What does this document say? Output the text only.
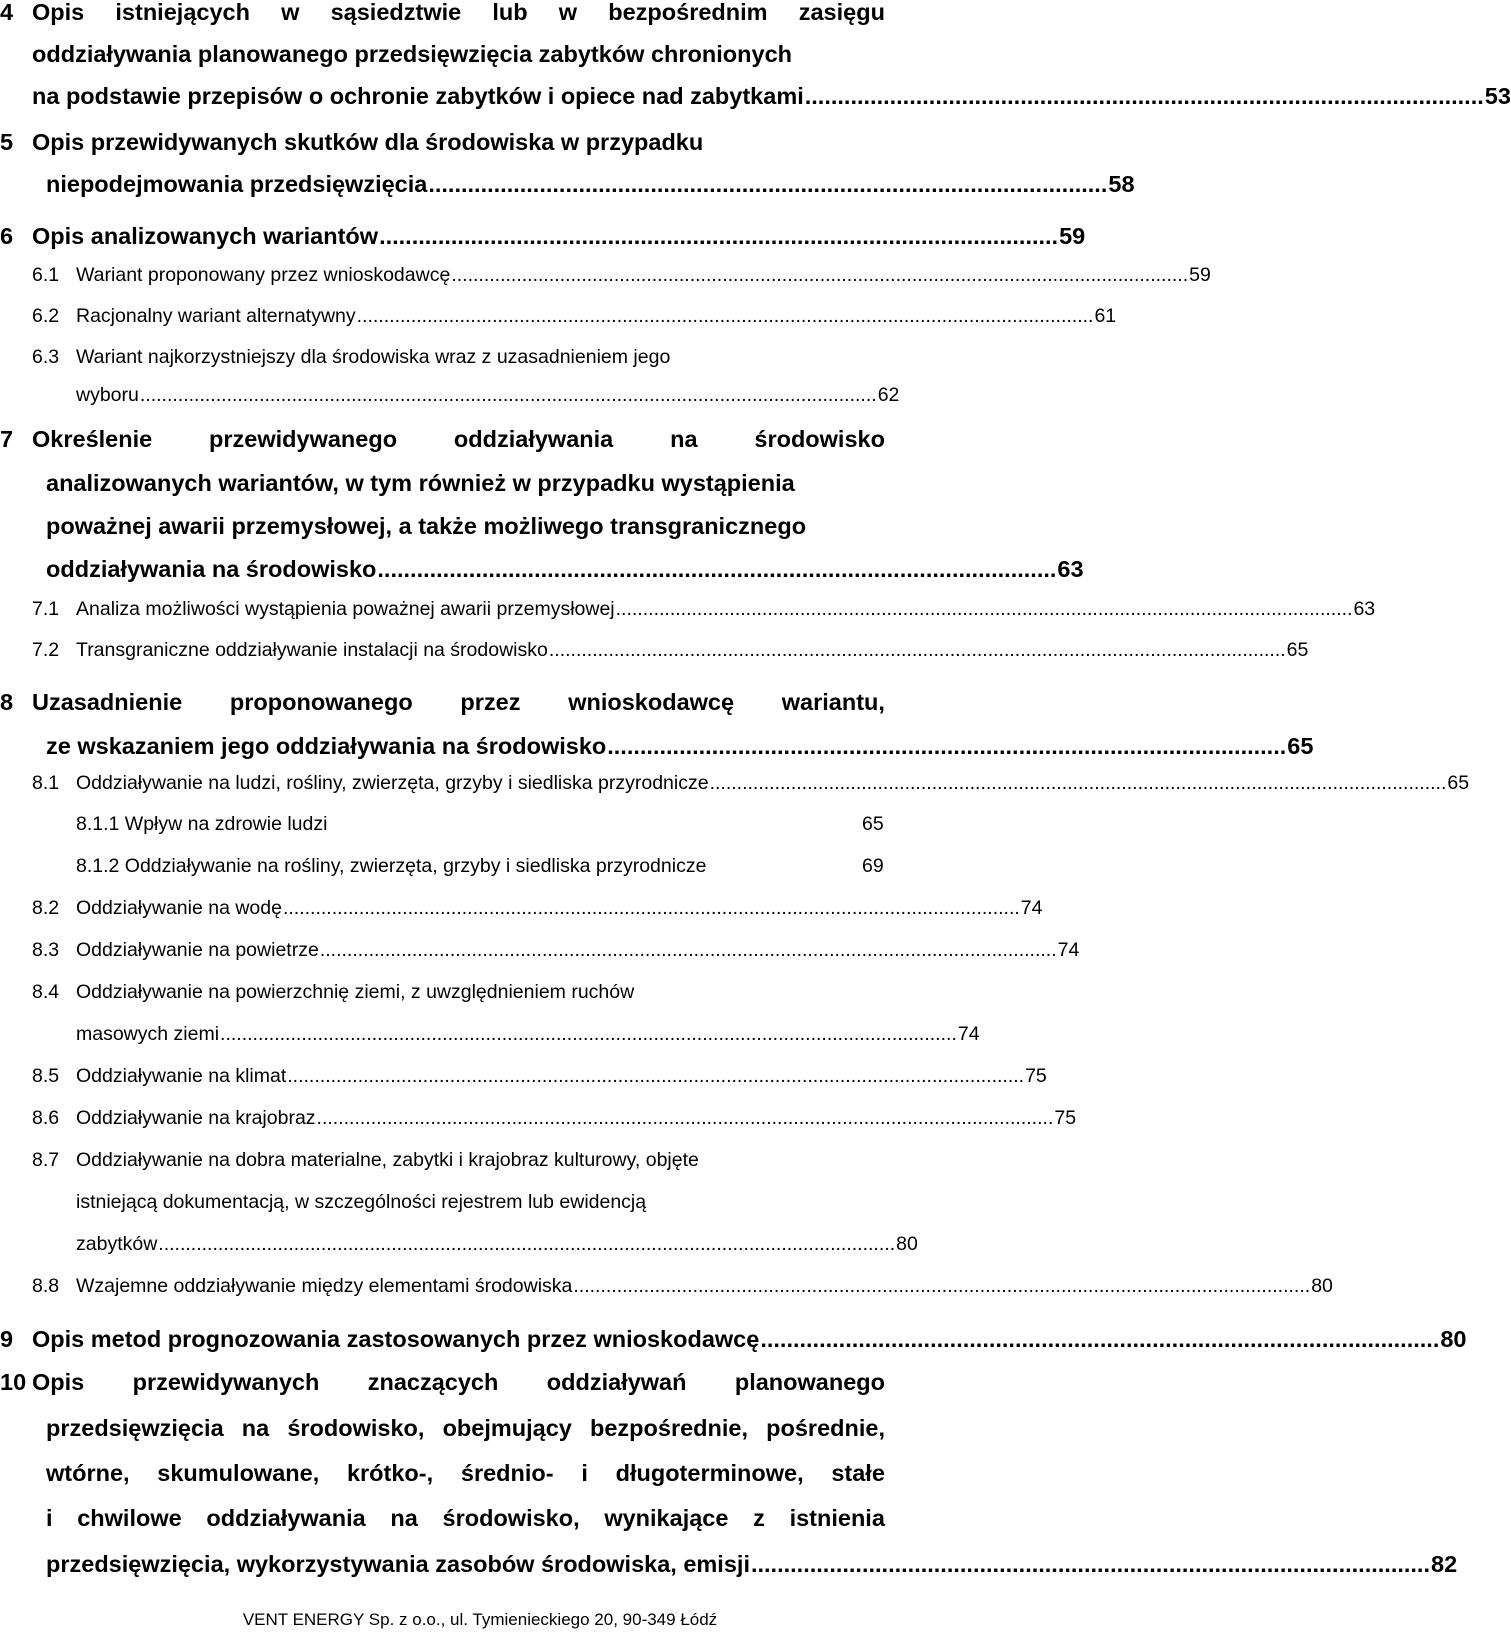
4 Opis istniejących w sąsiedztwie lub w bezpośrednim zasięgu
oddziaływania planowanego przedsięwzięcia zabytków chronionych
na podstawie przepisów o ochronie zabytków i opiece nad zabytkami ........................................................................................................ 53
5 Opis przewidywanych skutków dla środowiska w przypadku
niepodejmowania przedsięwzięcia ........................................................................................................ 58
6 Opis analizowanych wariantów ........................................................................................................ 59
6.1 Wariant proponowany przez wnioskodawcę ........................................................................................................................................ 59
6.2 Racjonalny wariant alternatywny ........................................................................................................................................ 61
6.3 Wariant najkorzystniejszy dla środowiska wraz z uzasadnieniem jego
wyboru ........................................................................................................................................ 62
7 Określenie przewidywanego oddziaływania na środowisko
analizowanych wariantów, w tym również w przypadku wystąpienia
poważnej awarii przemysłowej, a także możliwego transgranicznego
oddziaływania na środowisko ........................................................................................................ 63
7.1 Analiza możliwości wystąpienia poważnej awarii przemysłowej ........................................................................................................................................ 63
7.2 Transgraniczne oddziaływanie instalacji na środowisko ........................................................................................................................................ 65
8 Uzasadnienie proponowanego przez wnioskodawcę wariantu,
ze wskazaniem jego oddziaływania na środowisko ........................................................................................................ 65
8.1 Oddziaływanie na ludzi, rośliny, zwierzęta, grzyby i siedliska przyrodnicze ........................................................................................................................................ 65
8.1.1 Wpływ na zdrowie ludzi	65
8.1.2 Oddziaływanie na rośliny, zwierzęta, grzyby i siedliska przyrodnicze	69
8.2 Oddziaływanie na wodę ........................................................................................................................................ 74
8.3 Oddziaływanie na powietrze ........................................................................................................................................ 74
8.4 Oddziaływanie na powierzchnię ziemi, z uwzględnieniem ruchów
masowych ziemi ........................................................................................................................................ 74
8.5 Oddziaływanie na klimat ........................................................................................................................................ 75
8.6 Oddziaływanie na krajobraz ........................................................................................................................................ 75
8.7 Oddziaływanie na dobra materialne, zabytki i krajobraz kulturowy, objęte
istniejącą dokumentacją, w szczególności rejestrem lub ewidencją
zabytków ........................................................................................................................................ 80
8.8 Wzajemne oddziaływanie między elementami środowiska ........................................................................................................................................ 80
9 Opis metod prognozowania zastosowanych przez wnioskodawcę ........................................................................................................ 80
10 Opis przewidywanych znaczących oddziaływań planowanego
przedsięwzięcia na środowisko, obejmujący bezpośrednie, pośrednie,
wtórne, skumulowane, krótko-, średnio- i długoterminowe, stałe
i chwilowe oddziaływania na środowisko, wynikające z istnienia
przedsięwzięcia, wykorzystywania zasobów środowiska, emisji ........................................................................................................ 82
VENT ENERGY Sp. z o.o., ul. Tymienieckiego 20, 90-349 Łódź
